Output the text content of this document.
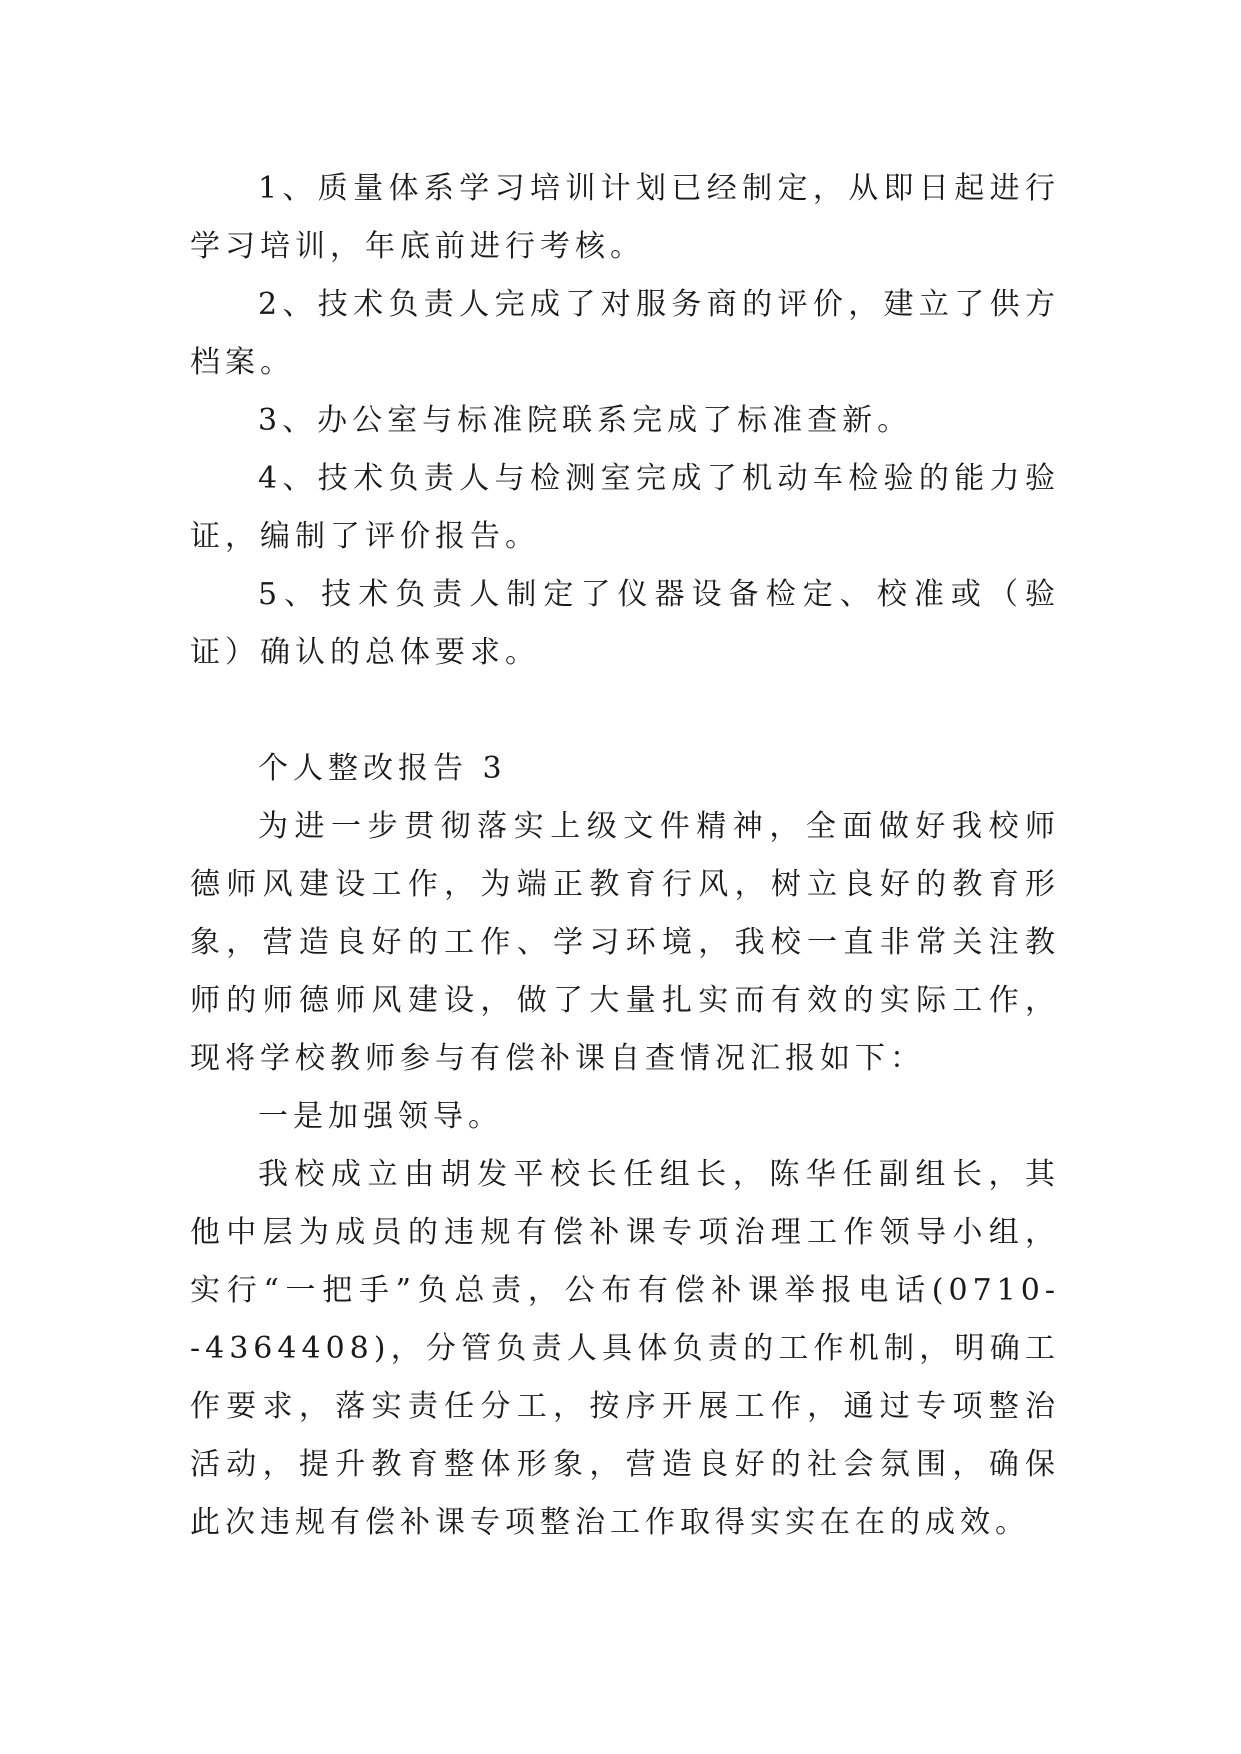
1、质量体系学习培训计划已经制定，从即日起进行学习培训，年底前进行考核。

2、技术负责人完成了对服务商的评价，建立了供方档案。

3、办公室与标准院联系完成了标准查新。

4、技术负责人与检测室完成了机动车检验的能力验证，编制了评价报告。

5、技术负责人制定了仪器设备检定、校准或（验证）确认的总体要求。

个人整改报告 3

为进一步贯彻落实上级文件精神，全面做好我校师德师风建设工作，为端正教育行风，树立良好的教育形象，营造良好的工作、学习环境，我校一直非常关注教师的师德师风建设，做了大量扎实而有效的实际工作，现将学校教师参与有偿补课自查情况汇报如下：

一是加强领导。

我校成立由胡发平校长任组长，陈华任副组长，其他中层为成员的违规有偿补课专项治理工作领导小组，实行“一把手”负总责，公布有偿补课举报电话(0710--4364408)，分管负责人具体负责的工作机制，明确工作要求，落实责任分工，按序开展工作，通过专项整治活动，提升教育整体形象，营造良好的社会氛围，确保此次违规有偿补课专项整治工作取得实实在在的成效。
